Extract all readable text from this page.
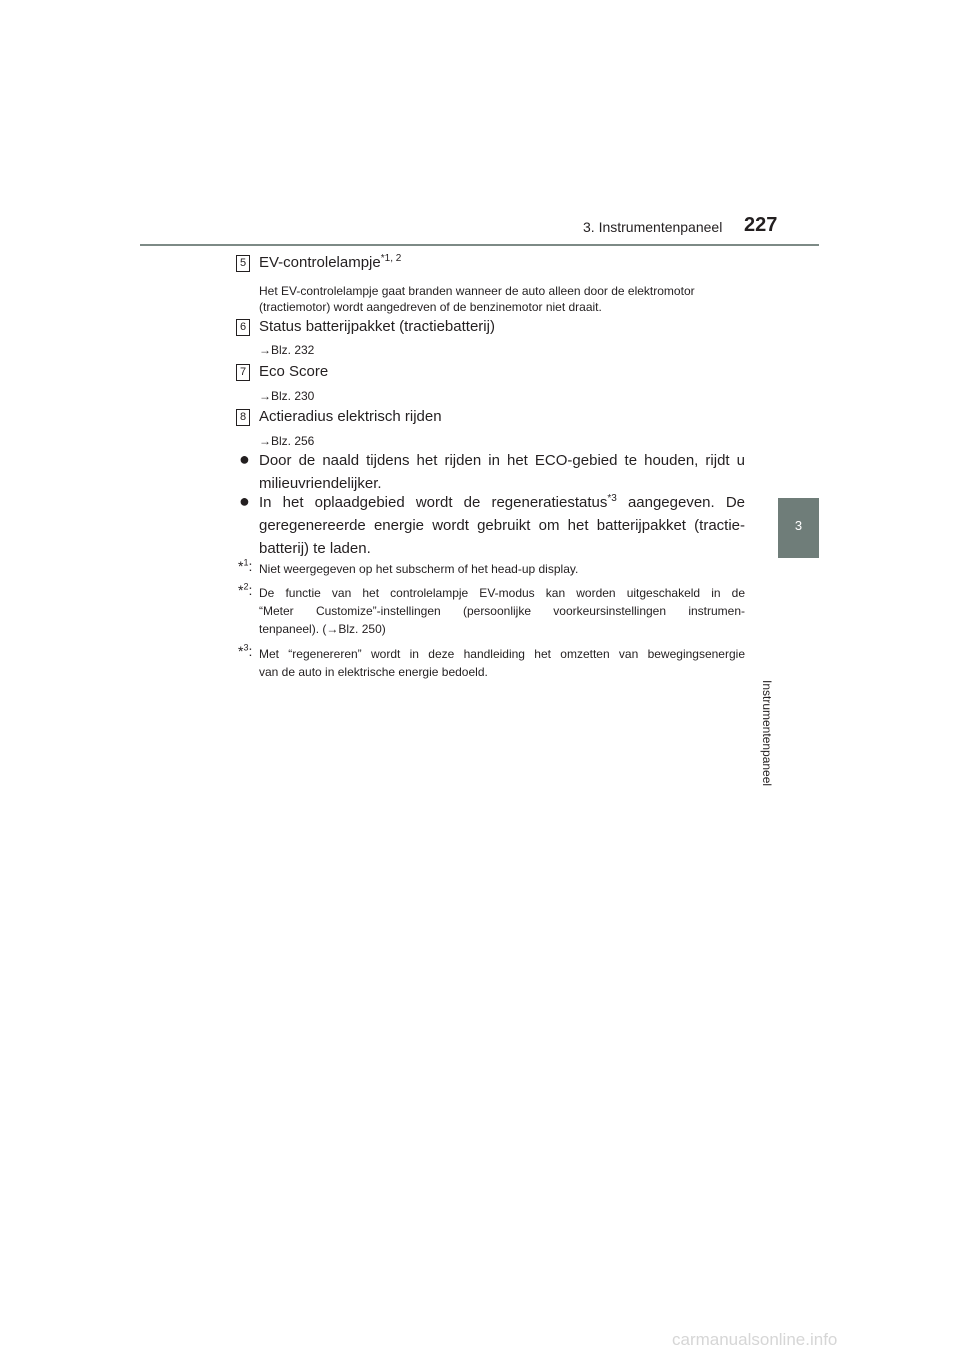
3. Instrumentenpaneel 227
3
Instrumentenpaneel
5 EV-controlelampje$^{*1, 2}$
Het EV-controlelampje gaat branden wanneer de auto alleen door de elektromotor
(tractiemotor) wordt aangedreven of de benzinemotor niet draait.
6 Status batterijpakket (tractiebatterij)
→Blz. 232
7 Eco Score
→Blz. 230
8 Actieradius elektrisch rijden
→Blz. 256
● Door de naald tijdens het rijden in het ECO-gebied te houden, rijdt u
milieuvriendelijker.
● In het oplaadgebied wordt de regeneratiestatus$^{*3}$ aangegeven. De
geregenereerde energie wordt gebruikt om het batterijpakket (tractie-
batterij) te laden.
*$^1$: Niet weergegeven op het subscherm of het head-up display.
*$^2$: De functie van het controlelampje EV-modus kan worden uitgeschakeld in de
“Meter Customize”-instellingen (persoonlijke voorkeursinstellingen instrumen-
tenpaneel). (→Blz. 250)
*$^3$: Met “regenereren” wordt in deze handleiding het omzetten van bewegingsenergie
van de auto in elektrische energie bedoeld.
carmanualsonline.info
